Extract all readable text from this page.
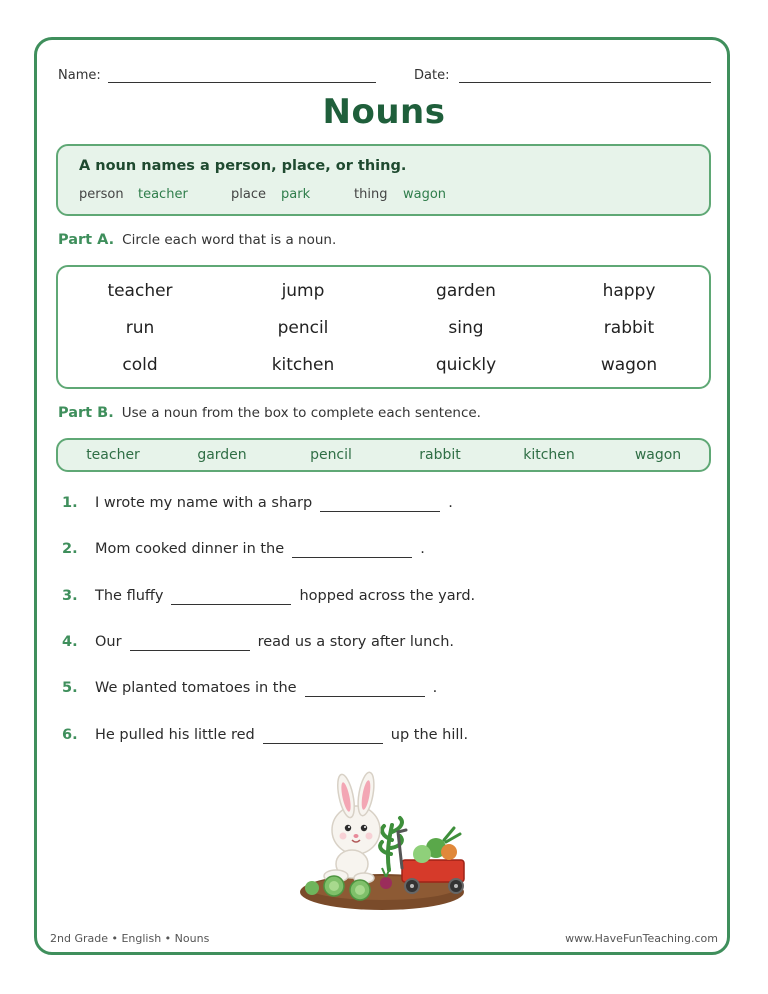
Name:	Date:
Nouns
A noun names a person, place, or thing.
person teacher	place park	thing wagon
Part A. Circle each word that is a noun.
teacher	jump	garden	happy
run	pencil	sing	rabbit
cold	kitchen	quickly	wagon
Part B. Use a noun from the box to complete each sentence.
teacher	garden	pencil	rabbit	kitchen	wagon
1. I wrote my name with a sharp	.
2. Mom cooked dinner in the	.
3. The fluffy	hopped across the yard.
4. Our	read us a story after lunch.
5. We planted tomatoes in the	.
6. He pulled his little red	up the hill.
2nd Grade • English • Nouns	www.HaveFunTeaching.com
